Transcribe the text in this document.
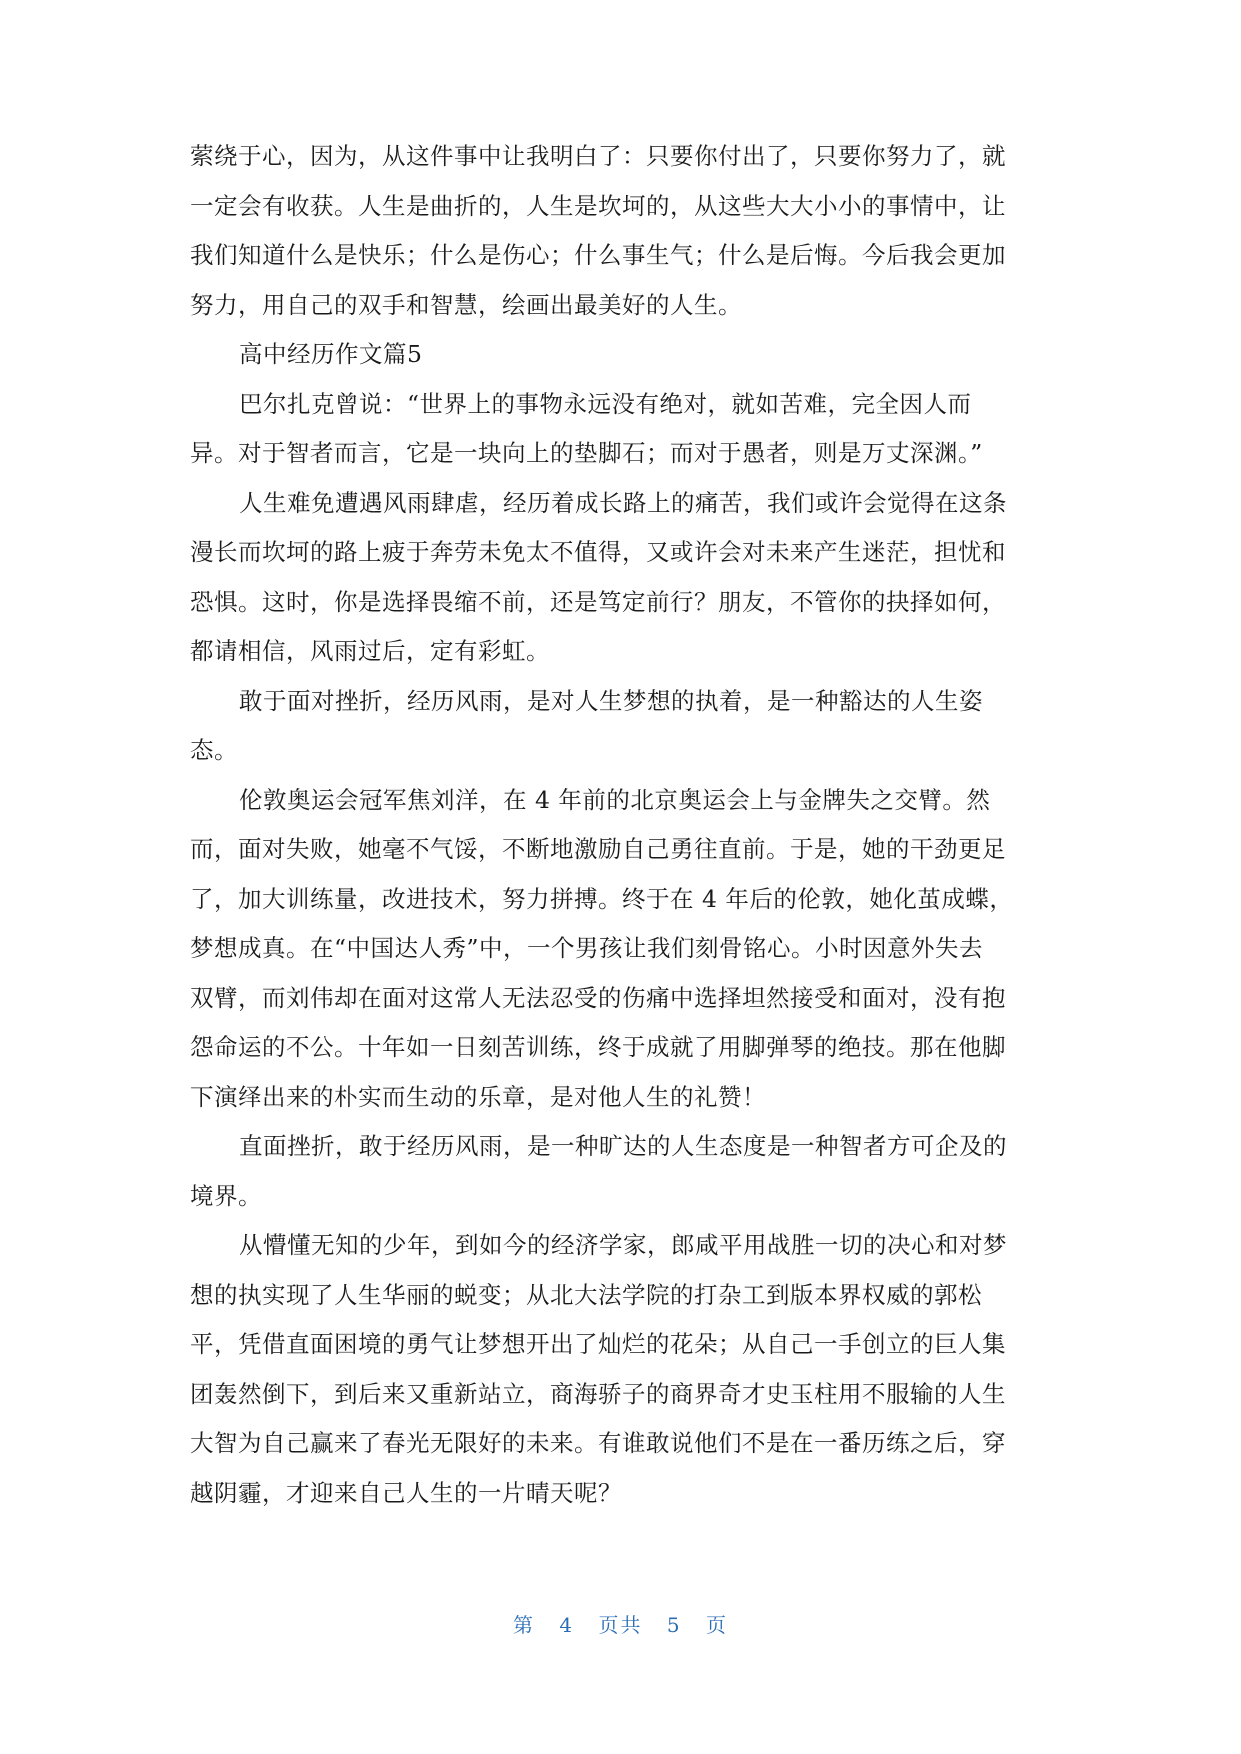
萦绕于心，因为，从这件事中让我明白了：只要你付出了，只要你努力了，就
一定会有收获。人生是曲折的，人生是坎坷的，从这些大大小小的事情中，让
我们知道什么是快乐；什么是伤心；什么事生气；什么是后悔。今后我会更加
努力，用自己的双手和智慧，绘画出最美好的人生。
高中经历作文篇5
巴尔扎克曾说：“世界上的事物永远没有绝对，就如苦难，完全因人而
异。对于智者而言，它是一块向上的垫脚石；而对于愚者，则是万丈深渊。”
人生难免遭遇风雨肆虐，经历着成长路上的痛苦，我们或许会觉得在这条
漫长而坎坷的路上疲于奔劳未免太不值得，又或许会对未来产生迷茫，担忧和
恐惧。这时，你是选择畏缩不前，还是笃定前行？朋友，不管你的抉择如何，
都请相信，风雨过后，定有彩虹。
敢于面对挫折，经历风雨，是对人生梦想的执着，是一种豁达的人生姿
态。
伦敦奥运会冠军焦刘洋，在 4 年前的北京奥运会上与金牌失之交臂。然
而，面对失败，她毫不气馁，不断地激励自己勇往直前。于是，她的干劲更足
了，加大训练量，改进技术，努力拼搏。终于在 4 年后的伦敦，她化茧成蝶，
梦想成真。在“中国达人秀”中，一个男孩让我们刻骨铭心。小时因意外失去
双臂，而刘伟却在面对这常人无法忍受的伤痛中选择坦然接受和面对，没有抱
怨命运的不公。十年如一日刻苦训练，终于成就了用脚弹琴的绝技。那在他脚
下演绎出来的朴实而生动的乐章，是对他人生的礼赞！
直面挫折，敢于经历风雨，是一种旷达的人生态度是一种智者方可企及的
境界。
从懵懂无知的少年，到如今的经济学家，郎咸平用战胜一切的决心和对梦
想的执实现了人生华丽的蜕变；从北大法学院的打杂工到版本界权威的郭松
平，凭借直面困境的勇气让梦想开出了灿烂的花朵；从自己一手创立的巨人集
团轰然倒下，到后来又重新站立，商海骄子的商界奇才史玉柱用不服输的人生
大智为自己赢来了春光无限好的未来。有谁敢说他们不是在一番历练之后，穿
越阴霾，才迎来自己人生的一片晴天呢？
第 4 页共 5 页
